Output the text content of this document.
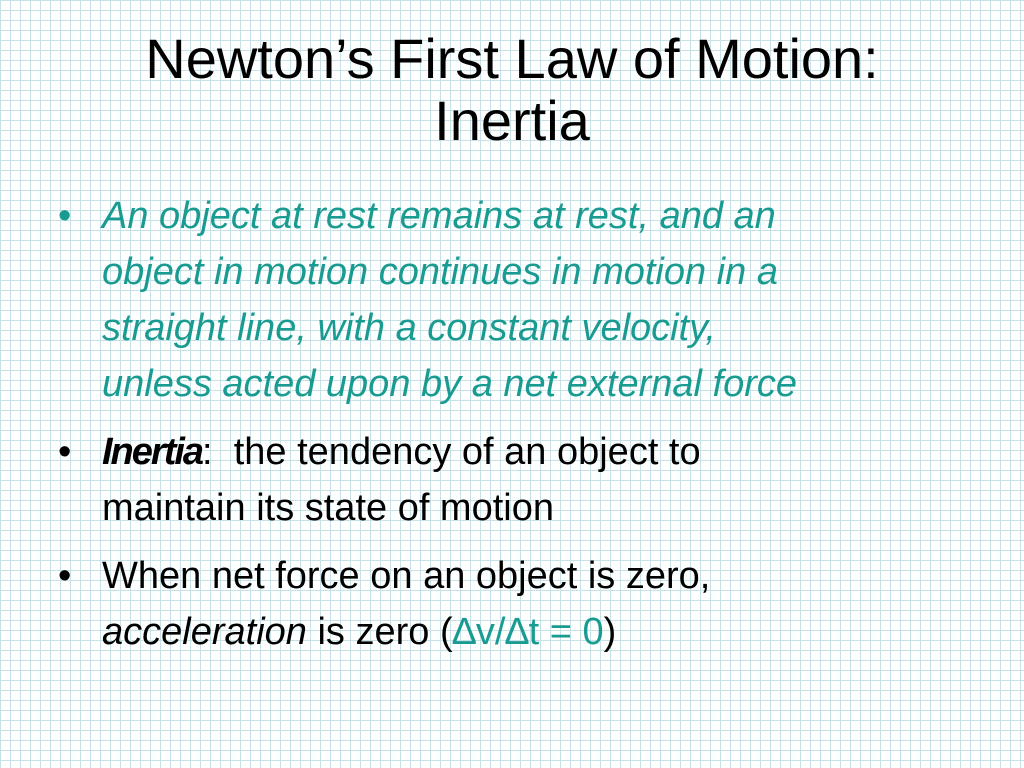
Newton’s First Law of Motion:
Inertia
• An object at rest remains at rest, and an
object in motion continues in motion in a
straight line, with a constant velocity,
unless acted upon by a net external force
• Inertia: the tendency of an object to
maintain its state of motion
• When net force on an object is zero,
acceleration is zero (∆v/∆t = 0)
